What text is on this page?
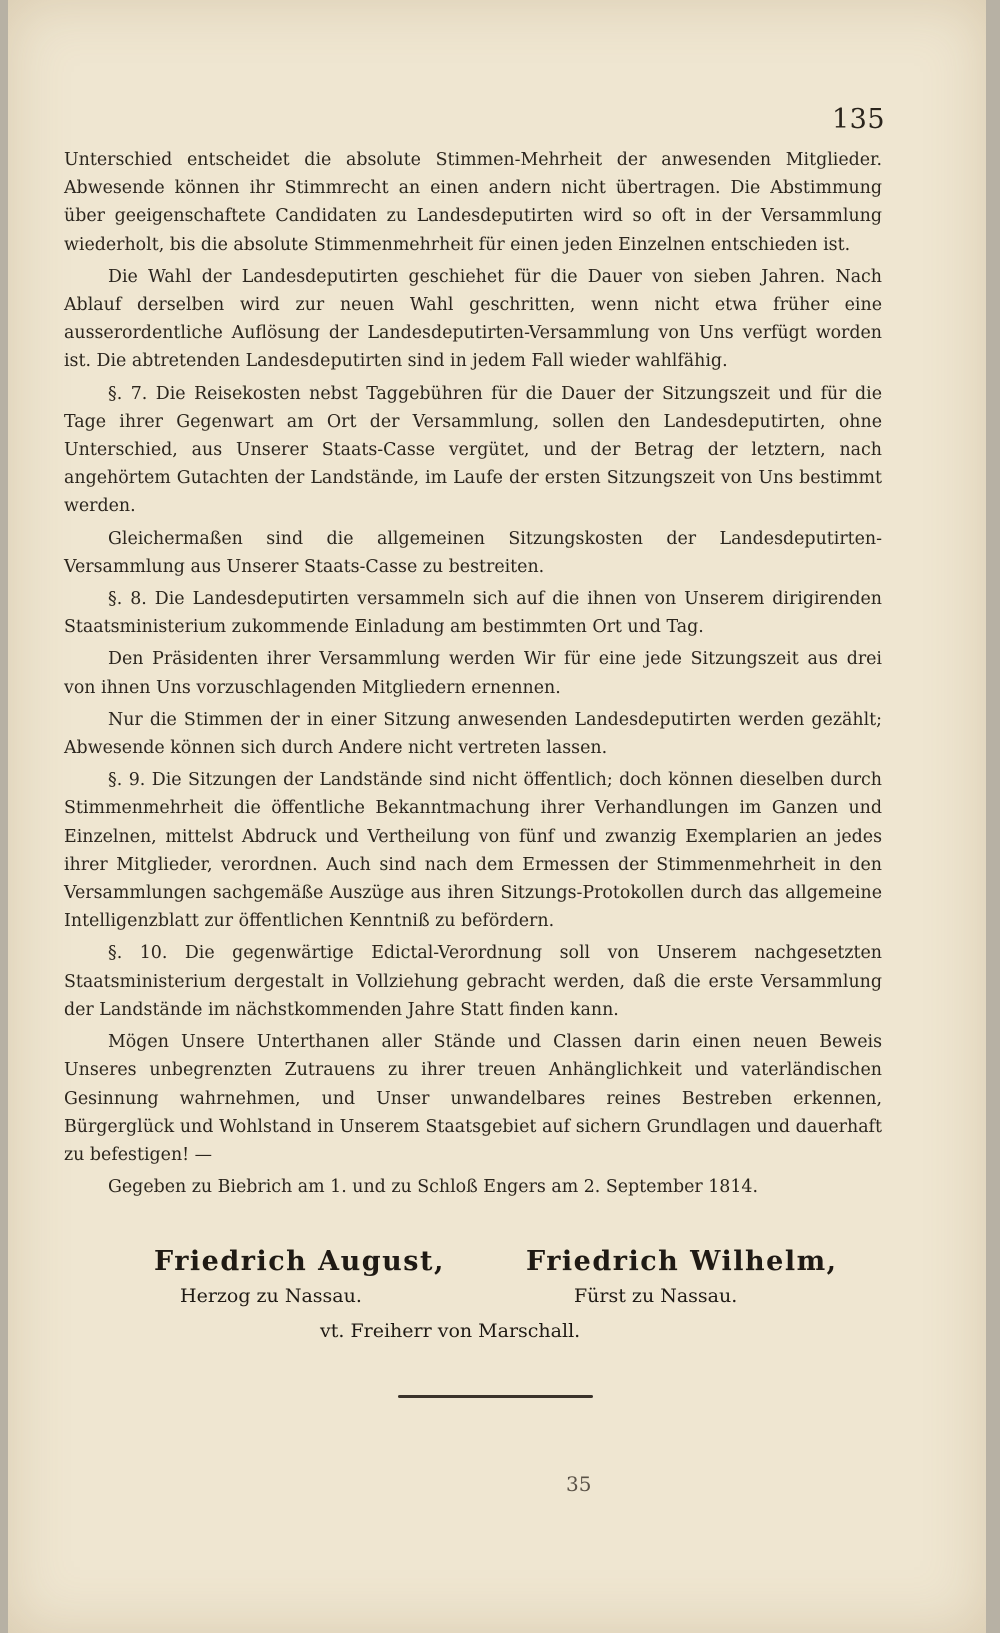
135

Unterschied entscheidet die absolute Stimmen-Mehrheit der anwesenden Mitglieder. Abwesende können ihr Stimmrecht an einen andern nicht übertragen. Die Abstimmung über geeigenschaftete Candidaten zu Landesdeputirten wird so oft in der Versammlung wiederholt, bis die absolute Stimmenmehrheit für einen jeden Einzelnen entschieden ist.

Die Wahl der Landesdeputirten geschiehet für die Dauer von sieben Jahren. Nach Ablauf derselben wird zur neuen Wahl geschritten, wenn nicht etwa früher eine ausserordentliche Auflösung der Landesdeputirten-Versammlung von Uns verfügt worden ist. Die abtretenden Landesdeputirten sind in jedem Fall wieder wahlfähig.

§. 7. Die Reisekosten nebst Taggebühren für die Dauer der Sitzungszeit und für die Tage ihrer Gegenwart am Ort der Versammlung, sollen den Landesdeputirten, ohne Unterschied, aus Unserer Staats-Casse vergütet, und der Betrag der letztern, nach angehörtem Gutachten der Landstände, im Laufe der ersten Sitzungszeit von Uns bestimmt werden.

Gleichermaßen sind die allgemeinen Sitzungskosten der Landesdeputirten-Versammlung aus Unserer Staats-Casse zu bestreiten.

§. 8. Die Landesdeputirten versammeln sich auf die ihnen von Unserem dirigirenden Staatsministerium zukommende Einladung am bestimmten Ort und Tag.

Den Präsidenten ihrer Versammlung werden Wir für eine jede Sitzungszeit aus drei von ihnen Uns vorzuschlagenden Mitgliedern ernennen.

Nur die Stimmen der in einer Sitzung anwesenden Landesdeputirten werden gezählt; Abwesende können sich durch Andere nicht vertreten lassen.

§. 9. Die Sitzungen der Landstände sind nicht öffentlich; doch können dieselben durch Stimmenmehrheit die öffentliche Bekanntmachung ihrer Verhandlungen im Ganzen und Einzelnen, mittelst Abdruck und Vertheilung von fünf und zwanzig Exemplarien an jedes ihrer Mitglieder, verordnen. Auch sind nach dem Ermessen der Stimmenmehrheit in den Versammlungen sachgemäße Auszüge aus ihren Sitzungs-Protokollen durch das allgemeine Intelligenzblatt zur öffentlichen Kenntniß zu befördern.

§. 10. Die gegenwärtige Edictal-Verordnung soll von Unserem nachgesetzten Staatsministerium dergestalt in Vollziehung gebracht werden, daß die erste Versammlung der Landstände im nächstkommenden Jahre Statt finden kann.

Mögen Unsere Unterthanen aller Stände und Classen darin einen neuen Beweis Unseres unbegrenzten Zutrauens zu ihrer treuen Anhänglichkeit und vaterländischen Gesinnung wahrnehmen, und Unser unwandelbares reines Bestreben erkennen, Bürgerglück und Wohlstand in Unserem Staatsgebiet auf sichern Grundlagen und dauerhaft zu befestigen! —

Gegeben zu Biebrich am 1. und zu Schloß Engers am 2. September 1814.

Friedrich August,
Herzog zu Nassau.
Friedrich Wilhelm,
Fürst zu Nassau.
vt. Freiherr von Marschall.
35
